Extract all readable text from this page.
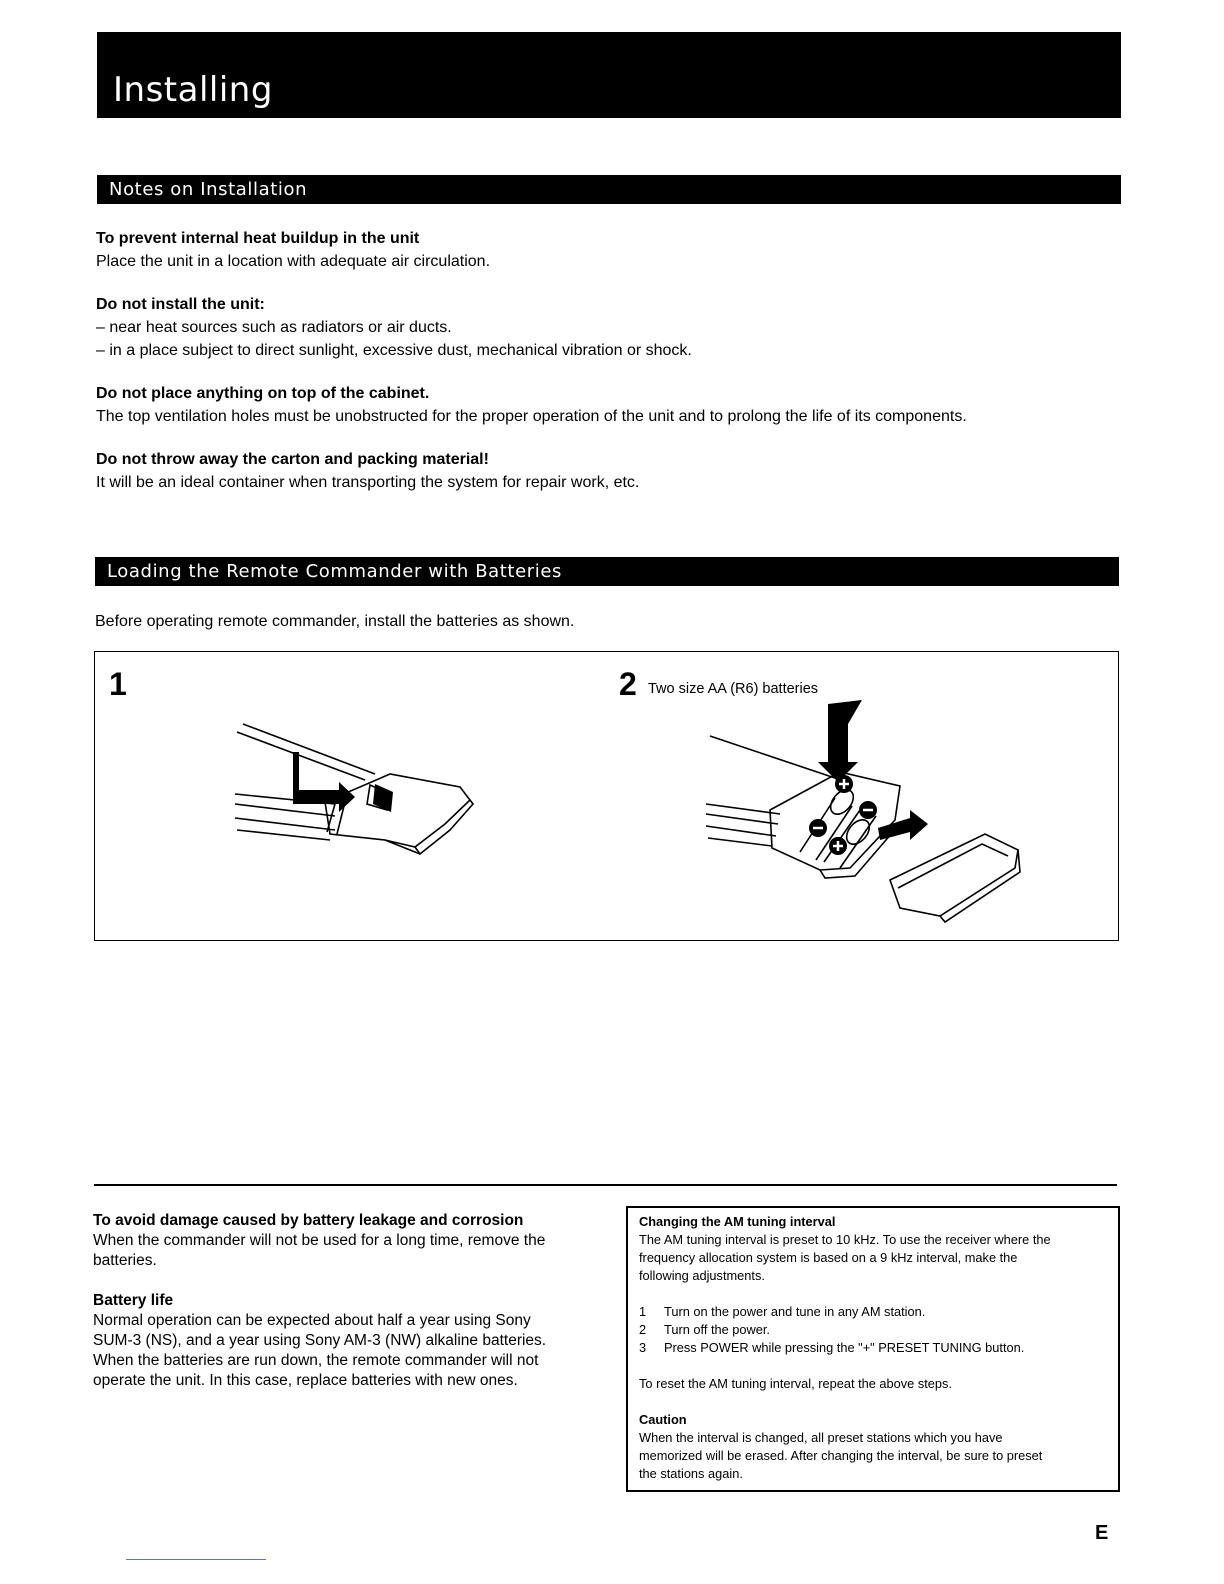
Installing
Notes on Installation
To prevent internal heat buildup in the unit
Place the unit in a location with adequate air circulation.
Do not install the unit:
– near heat sources such as radiators or air ducts.
– in a place subject to direct sunlight, excessive dust, mechanical vibration or shock.
Do not place anything on top of the cabinet.
The top ventilation holes must be unobstructed for the proper operation of the unit and to prolong the life of its components.
Do not throw away the carton and packing material!
It will be an ideal container when transporting the system for repair work, etc.
Loading the Remote Commander with Batteries
Before operating remote commander, install the batteries as shown.
1	2 Two size AA (R6) batteries
To avoid damage caused by battery leakage and corrosion
When the commander will not be used for a long time, remove the
batteries.
Battery life
Normal operation can be expected about half a year using Sony
SUM-3 (NS), and a year using Sony AM-3 (NW) alkaline batteries.
When the batteries are run down, the remote commander will not
operate the unit. In this case, replace batteries with new ones.
Changing the AM tuning interval
The AM tuning interval is preset to 10 kHz. To use the receiver where the
frequency allocation system is based on a 9 kHz interval, make the
following adjustments.
1 Turn on the power and tune in any AM station.
2 Turn off the power.
3 Press POWER while pressing the "+" PRESET TUNING button.
To reset the AM tuning interval, repeat the above steps.
Caution
When the interval is changed, all preset stations which you have
memorized will be erased. After changing the interval, be sure to preset
the stations again.
E
